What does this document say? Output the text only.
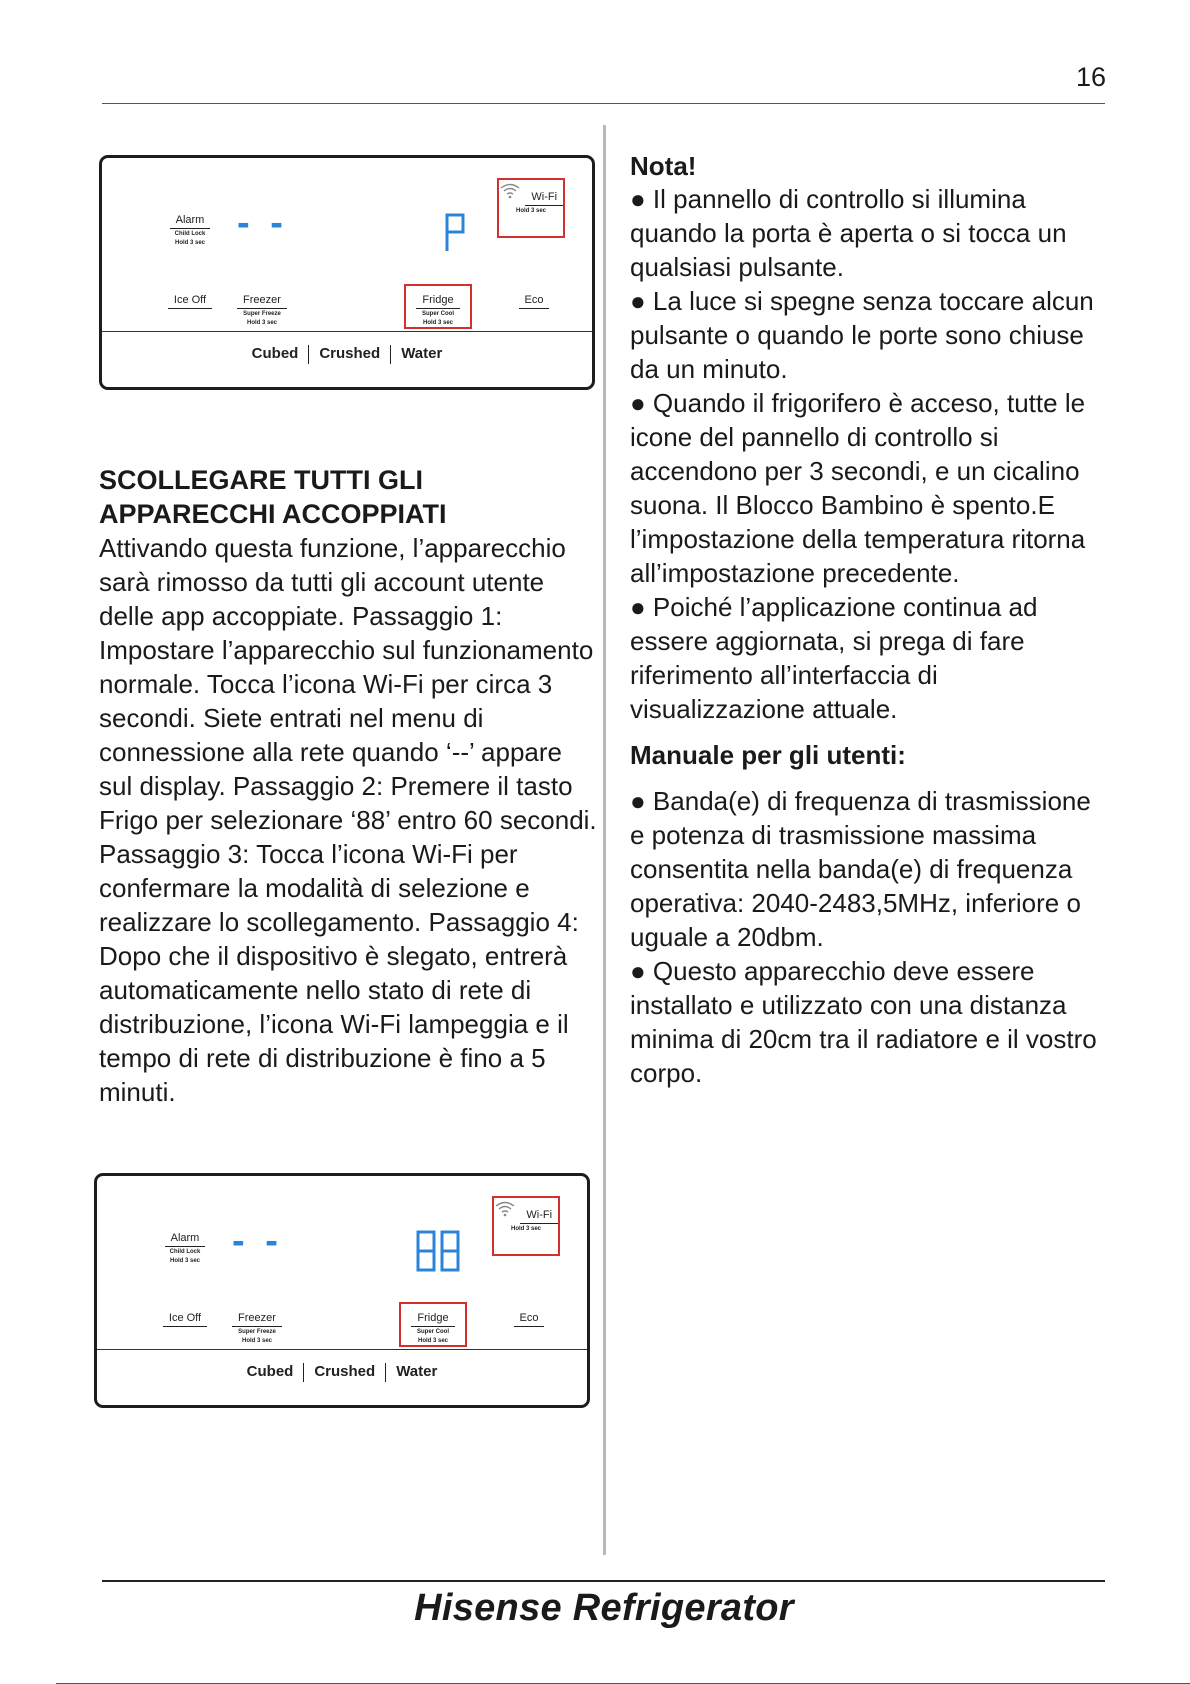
16
Alarm
Child Lock
Hold 3 sec - -
Wi-Fi
Hold 3 sec
Ice Off	Freezer
Super Freeze
Hold 3 sec
Fridge
Super Cool
Hold 3 sec
Eco
Cubed Crushed Water
SCOLLEGARE TUTTI GLI
APPARECCHI ACCOPPIATI

Attivando questa funzione, l’apparecchio sarà rimosso da tutti gli account utente delle app accoppiate. Passaggio 1: Impostare l’apparecchio sul funzionamento normale. Tocca l’icona Wi-Fi per circa 3 secondi. Siete entrati nel menu di connessione alla rete quando ‘--’ appare sul display. Passaggio 2: Premere il tasto Frigo per selezionare ‘88’ entro 60 secondi. Passaggio 3: Tocca l’icona Wi-Fi per confermare la modalità di selezione e realizzare lo scollegamento. Passaggio 4: Dopo che il dispositivo è slegato, entrerà automaticamente nello stato di rete di distribuzione, l’icona Wi-Fi lampeggia e il tempo di rete di distribuzione è fino a 5 minuti.

Alarm
Child Lock
Hold 3 sec - -
Wi-Fi
Hold 3 sec
Ice Off	Freezer
Super Freeze
Hold 3 sec
Fridge
Super Cool
Hold 3 sec
Eco
Cubed Crushed Water
Nota!

● Il pannello di controllo si illumina quando la porta è aperta o si tocca un qualsiasi pulsante.

● La luce si spegne senza toccare alcun pulsante o quando le porte sono chiuse da un minuto.

● Quando il frigorifero è acceso, tutte le icone del pannello di controllo si accendono per 3 secondi, e un cicalino suona. Il Blocco Bambino è spento.E l’impostazione della temperatura ritorna all’impostazione precedente.

● Poiché l’applicazione continua ad essere aggiornata, si prega di fare riferimento all’interfaccia di visualizzazione attuale.

Manuale per gli utenti:

● Banda(e) di frequenza di trasmissione e potenza di trasmissione massima consentita nella banda(e) di frequenza operativa: 2040-2483,5MHz, inferiore o uguale a 20dbm.

● Questo apparecchio deve essere installato e utilizzato con una distanza minima di 20cm tra il radiatore e il vostro corpo.

Hisense Refrigerator
